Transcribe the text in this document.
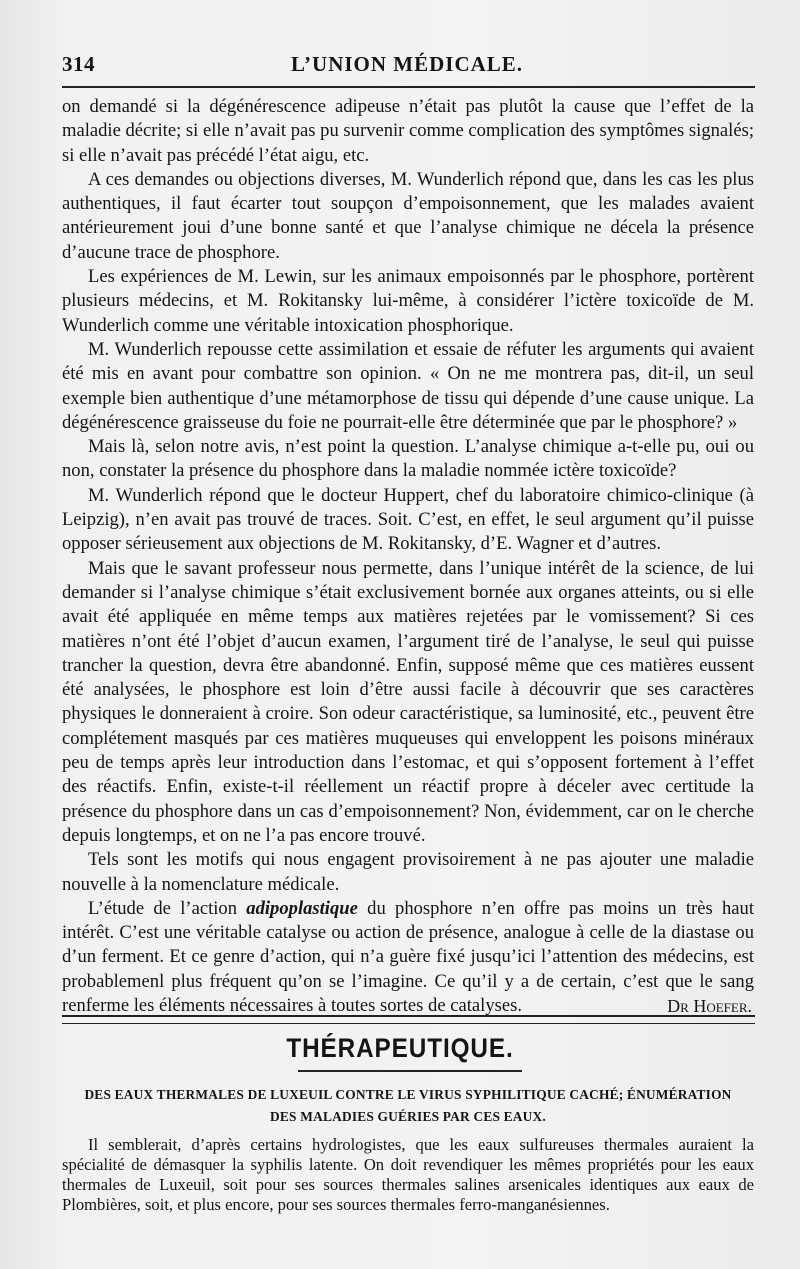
314	L’UNION MÉDICALE.

on demandé si la dégénérescence adipeuse n’était pas plutôt la cause que l’effet de la maladie décrite; si elle n’avait pas pu survenir comme complication des symptômes signalés; si elle n’avait pas précédé l’état aigu, etc.

A ces demandes ou objections diverses, M. Wunderlich répond que, dans les cas les plus authentiques, il faut écarter tout soupçon d’empoisonnement, que les malades avaient antérieurement joui d’une bonne santé et que l’analyse chimique ne décela la présence d’aucune trace de phosphore.

Les expériences de M. Lewin, sur les animaux empoisonnés par le phosphore, portèrent plusieurs médecins, et M. Rokitansky lui-même, à considérer l’ictère toxicoïde de M. Wunderlich comme une véritable intoxication phosphorique.

M. Wunderlich repousse cette assimilation et essaie de réfuter les arguments qui avaient été mis en avant pour combattre son opinion. « On ne me montrera pas, dit-il, un seul exemple bien authentique d’une métamorphose de tissu qui dépende d’une cause unique. La dégénérescence graisseuse du foie ne pourrait-elle être déterminée que par le phosphore? »

Mais là, selon notre avis, n’est point la question. L’analyse chimique a-t-elle pu, oui ou non, constater la présence du phosphore dans la maladie nommée ictère toxicoïde?

M. Wunderlich répond que le docteur Huppert, chef du laboratoire chimico-clinique (à Leipzig), n’en avait pas trouvé de traces. Soit. C’est, en effet, le seul argument qu’il puisse opposer sérieusement aux objections de M. Rokitansky, d’E. Wagner et d’autres.

Mais que le savant professeur nous permette, dans l’unique intérêt de la science, de lui demander si l’analyse chimique s’était exclusivement bornée aux organes atteints, ou si elle avait été appliquée en même temps aux matières rejetées par le vomissement? Si ces matières n’ont été l’objet d’aucun examen, l’argument tiré de l’analyse, le seul qui puisse trancher la question, devra être abandonné. Enfin, supposé même que ces matières eussent été analysées, le phosphore est loin d’être aussi facile à découvrir que ses caractères physiques le donneraient à croire. Son odeur caractéristique, sa luminosité, etc., peuvent être complétement masqués par ces matières muqueuses qui enveloppent les poisons minéraux peu de temps après leur introduction dans l’estomac, et qui s’opposent fortement à l’effet des réactifs. Enfin, existe-t-il réellement un réactif propre à déceler avec certitude la présence du phosphore dans un cas d’empoisonnement? Non, évidemment, car on le cherche depuis longtemps, et on ne l’a pas encore trouvé.

Tels sont les motifs qui nous engagent provisoirement à ne pas ajouter une maladie nouvelle à la nomenclature médicale.

L’étude de l’action adipoplastique du phosphore n’en offre pas moins un très haut intérêt. C’est une véritable catalyse ou action de présence, analogue à celle de la diastase ou d’un ferment. Et ce genre d’action, qui n’a guère fixé jusqu’ici l’attention des médecins, est probablemenl plus fréquent qu’on se l’imagine. Ce qu’il y a de certain, c’est que le sang renferme les éléments nécessaires à toutes sortes de catalyses.	Dr Hoefer.

THÉRAPEUTIQUE.
DES EAUX THERMALES DE LUXEUIL CONTRE LE VIRUS SYPHILITIQUE CACHÉ; ÉNUMÉRATION
DES MALADIES GUÉRIES PAR CES EAUX.

Il semblerait, d’après certains hydrologistes, que les eaux sulfureuses thermales auraient la spécialité de démasquer la syphilis latente. On doit revendiquer les mêmes propriétés pour les eaux thermales de Luxeuil, soit pour ses sources thermales salines arsenicales identiques aux eaux de Plombières, soit, et plus encore, pour ses sources thermales ferro-manganésiennes.
